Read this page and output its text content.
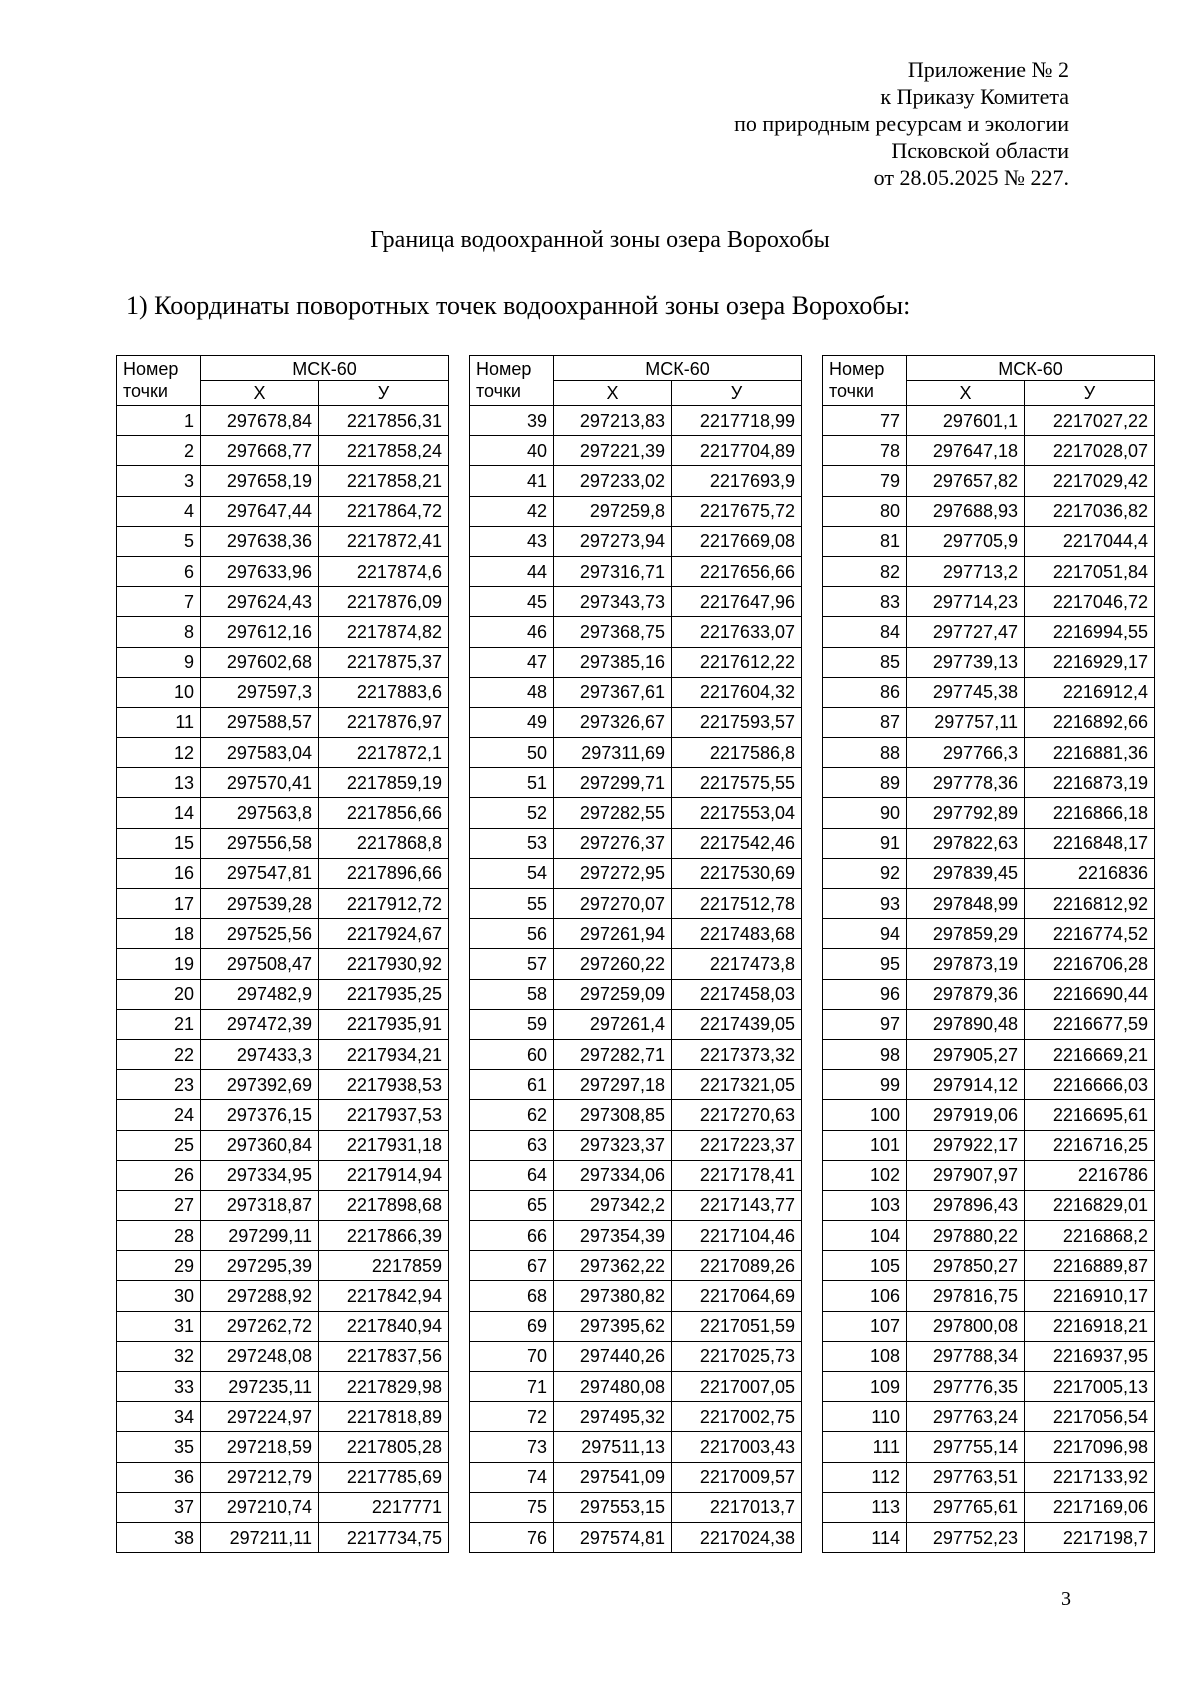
Приложение № 2
к Приказу Комитета
по природным ресурсам и экологии
Псковской области
от 28.05.2025 № 227.
Граница водоохранной зоны озера Ворохобы
1) Координаты поворотных точек водоохранной зоны озера Ворохобы:
Номер точки	МСК-60	
	Х	У
1	297678,84	2217856,31
2	297668,77	2217858,24
3	297658,19	2217858,21
4	297647,44	2217864,72
5	297638,36	2217872,41
6	297633,96	2217874,6
7	297624,43	2217876,09
8	297612,16	2217874,82
9	297602,68	2217875,37
10	297597,3	2217883,6
11	297588,57	2217876,97
12	297583,04	2217872,1
13	297570,41	2217859,19
14	297563,8	2217856,66
15	297556,58	2217868,8
16	297547,81	2217896,66
17	297539,28	2217912,72
18	297525,56	2217924,67
19	297508,47	2217930,92
20	297482,9	2217935,25
21	297472,39	2217935,91
22	297433,3	2217934,21
23	297392,69	2217938,53
24	297376,15	2217937,53
25	297360,84	2217931,18
26	297334,95	2217914,94
27	297318,87	2217898,68
28	297299,11	2217866,39
29	297295,39	2217859
30	297288,92	2217842,94
31	297262,72	2217840,94
32	297248,08	2217837,56
33	297235,11	2217829,98
34	297224,97	2217818,89
35	297218,59	2217805,28
36	297212,79	2217785,69
37	297210,74	2217771
38	297211,11	2217734,75
Номер точки	МСК-60	
	Х	У
39	297213,83	2217718,99
40	297221,39	2217704,89
41	297233,02	2217693,9
42	297259,8	2217675,72
43	297273,94	2217669,08
44	297316,71	2217656,66
45	297343,73	2217647,96
46	297368,75	2217633,07
47	297385,16	2217612,22
48	297367,61	2217604,32
49	297326,67	2217593,57
50	297311,69	2217586,8
51	297299,71	2217575,55
52	297282,55	2217553,04
53	297276,37	2217542,46
54	297272,95	2217530,69
55	297270,07	2217512,78
56	297261,94	2217483,68
57	297260,22	2217473,8
58	297259,09	2217458,03
59	297261,4	2217439,05
60	297282,71	2217373,32
61	297297,18	2217321,05
62	297308,85	2217270,63
63	297323,37	2217223,37
64	297334,06	2217178,41
65	297342,2	2217143,77
66	297354,39	2217104,46
67	297362,22	2217089,26
68	297380,82	2217064,69
69	297395,62	2217051,59
70	297440,26	2217025,73
71	297480,08	2217007,05
72	297495,32	2217002,75
73	297511,13	2217003,43
74	297541,09	2217009,57
75	297553,15	2217013,7
76	297574,81	2217024,38
Номер точки	МСК-60	
	Х	У
77	297601,1	2217027,22
78	297647,18	2217028,07
79	297657,82	2217029,42
80	297688,93	2217036,82
81	297705,9	2217044,4
82	297713,2	2217051,84
83	297714,23	2217046,72
84	297727,47	2216994,55
85	297739,13	2216929,17
86	297745,38	2216912,4
87	297757,11	2216892,66
88	297766,3	2216881,36
89	297778,36	2216873,19
90	297792,89	2216866,18
91	297822,63	2216848,17
92	297839,45	2216836
93	297848,99	2216812,92
94	297859,29	2216774,52
95	297873,19	2216706,28
96	297879,36	2216690,44
97	297890,48	2216677,59
98	297905,27	2216669,21
99	297914,12	2216666,03
100	297919,06	2216695,61
101	297922,17	2216716,25
102	297907,97	2216786
103	297896,43	2216829,01
104	297880,22	2216868,2
105	297850,27	2216889,87
106	297816,75	2216910,17
107	297800,08	2216918,21
108	297788,34	2216937,95
109	297776,35	2217005,13
110	297763,24	2217056,54
111	297755,14	2217096,98
112	297763,51	2217133,92
113	297765,61	2217169,06
114	297752,23	2217198,7
3
